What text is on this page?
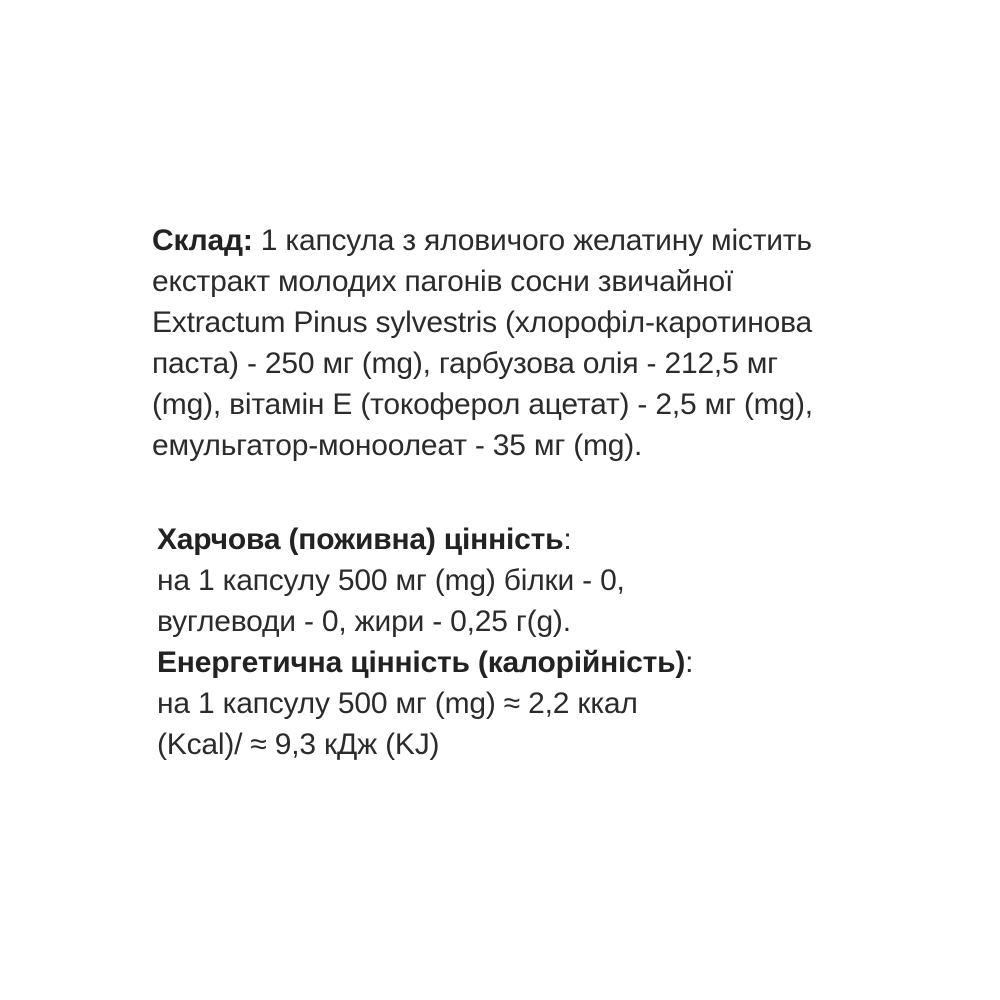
Склад: 1 капсула з яловичого желатину містить
екстракт молодих пагонів сосни звичайної
Extractum Pinus sylvestris (хлорофіл-каротинова
паста) - 250 мг (mg), гарбузова олія - 212,5 мг
(mg), вітамін Е (токоферол ацетат) - 2,5 мг (mg),
емульгатор-моноолеат - 35 мг (mg).
Харчова (поживна) цінність:
на 1 капсулу 500 мг (mg) білки - 0,
вуглеводи - 0, жири - 0,25 г(g).
Енергетична цінність (калорійність):
на 1 капсулу 500 мг (mg) ≈ 2,2 ккал
(Kcal)/ ≈ 9,3 кДж (KJ)
